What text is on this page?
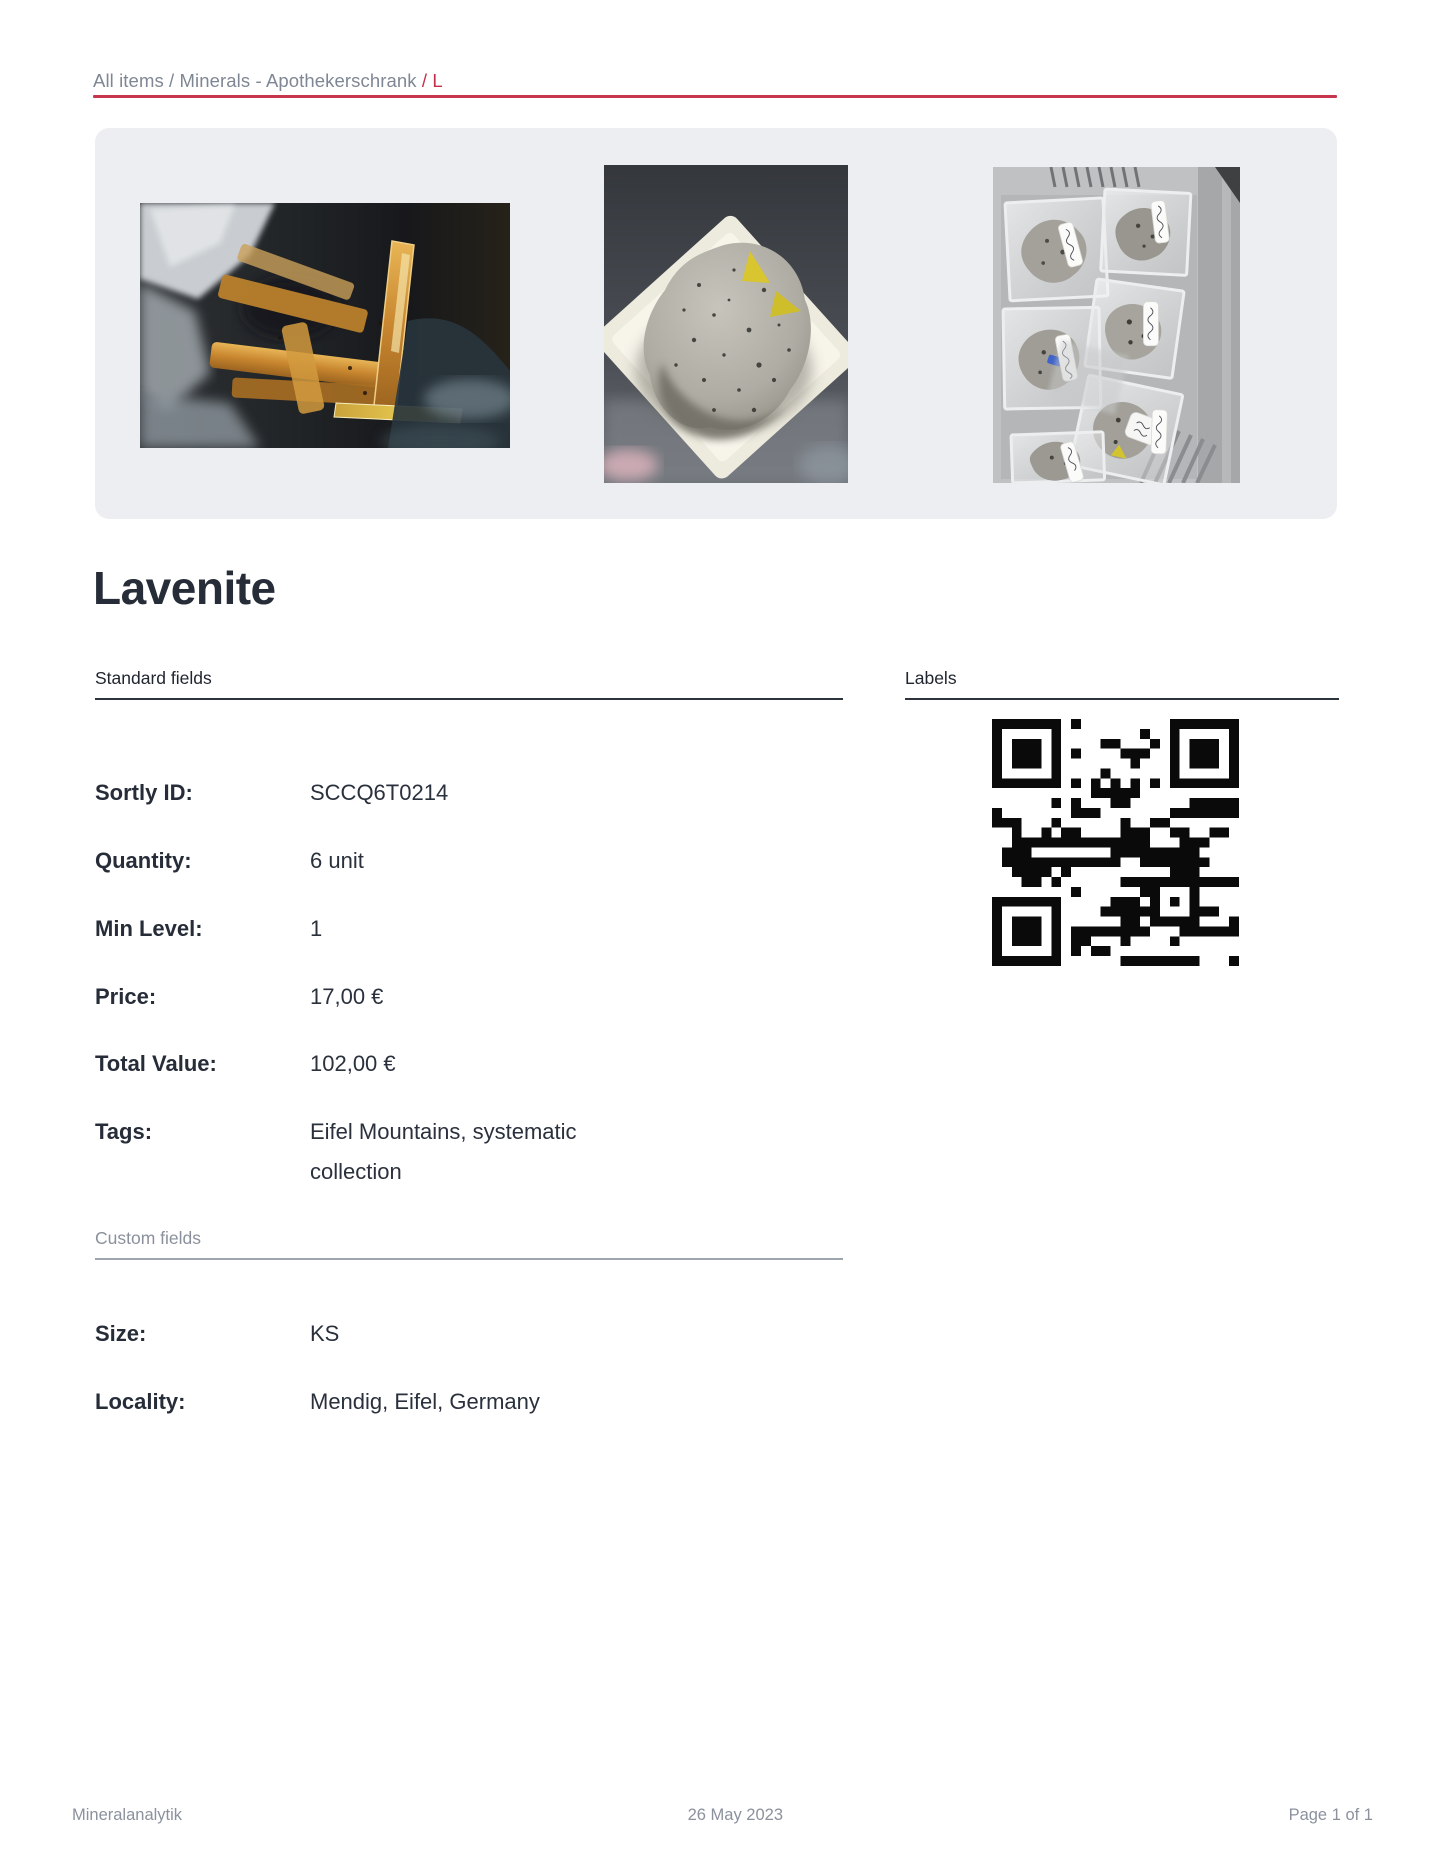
All items / Minerals - Apothekerschrank / L
Lavenite
Standard fields	Labels
Sortly ID:	SCCQ6T0214
Quantity:	6 unit
Min Level:	1
Price:	17,00 €
Total Value:	102,00 €
Tags:	Eifel Mountains, systematic collection
Custom fields
Size:	KS
Locality:	Mendig, Eifel, Germany
Mineralanalytik	26 May 2023	Page 1 of 1
